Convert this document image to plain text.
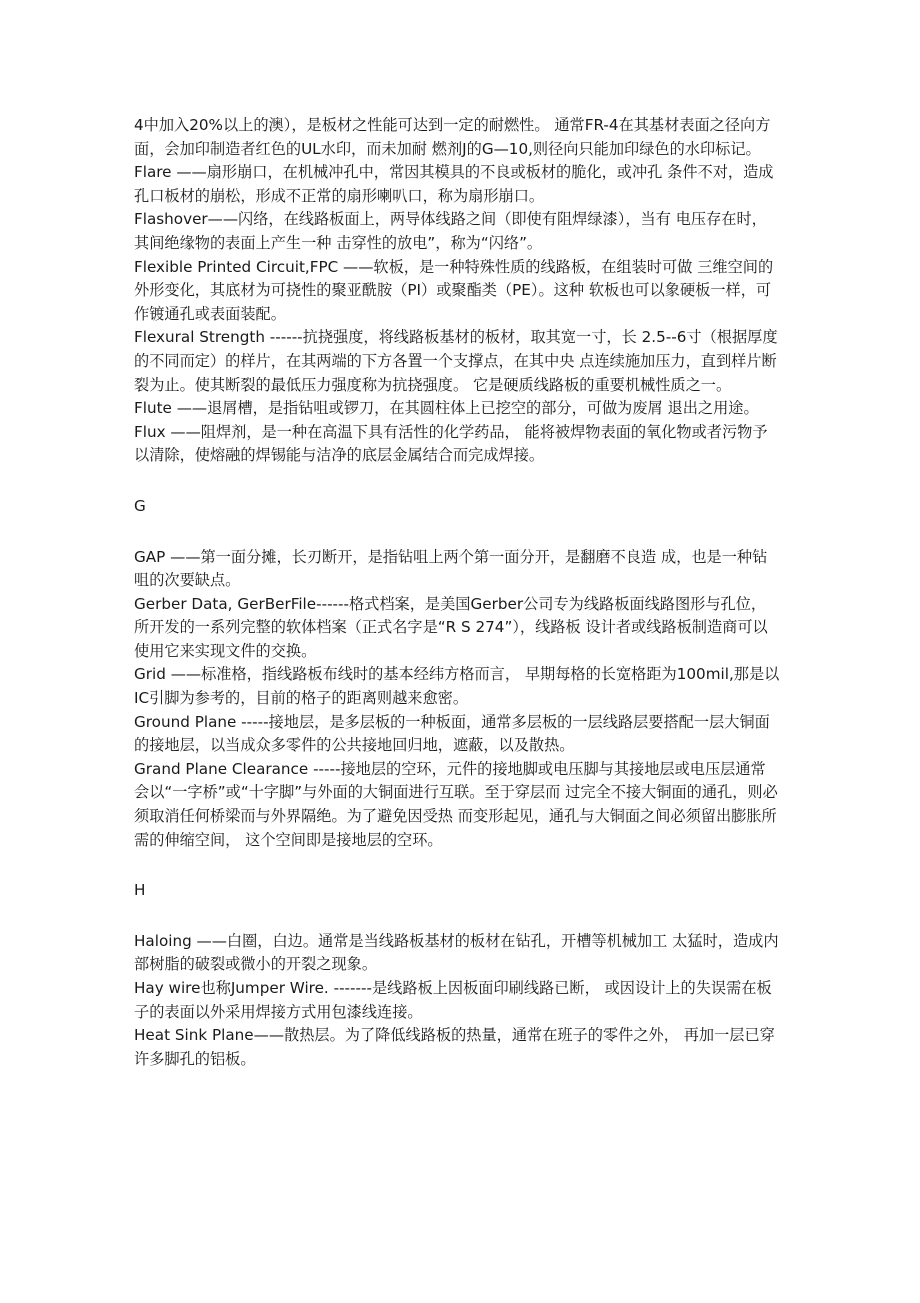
4中加入20%以上的澳），是板材之性能可达到一定的耐燃性。 通常FR-4在其基材表面之径向方面，会加印制造者红色的UL水印，而未加耐 燃剂J的G—10,则径向只能加印绿色的水印标记。

Flare ——扇形崩口，在机械冲孔中，常因其模具的不良或板材的脆化，或冲孔 条件不对，造成孔口板材的崩松，形成不正常的扇形喇叭口，称为扇形崩口。

Flashover——闪络，在线路板面上，两导体线路之间（即使有阻焊绿漆），当有 电压存在时，其间绝缘物的表面上产生一种 击穿性的放电”，称为“闪络”。

Flexible Printed Circuit,FPC ——软板，是一种特殊性质的线路板，在组装时可做 三维空间的外形变化，其底材为可挠性的聚亚酰胺（PI）或聚酯类（PE）。这种 软板也可以象硬板一样，可作镀通孔或表面装配。

Flexural Strength ------抗挠强度，将线路板基材的板材，取其宽一寸，长 2.5--6寸（根据厚度的不同而定）的样片，在其两端的下方各置一个支撑点，在其中央 点连续施加压力，直到样片断裂为止。使其断裂的最低压力强度称为抗挠强度。 它是硬质线路板的重要机械性质之一。

Flute ——退屑槽，是指钻咀或锣刀，在其圆柱体上已挖空的部分，可做为废屑 退出之用途。

Flux ——阻焊剂，是一种在高温下具有活性的化学药品， 能将被焊物表面的氧化物或者污物予以清除，使熔融的焊锡能与洁净的底层金属结合而完成焊接。

G

GAP ——第一面分摊，长刃断开，是指钻咀上两个第一面分开，是翻磨不良造 成，也是一种钻咀的次要缺点。

Gerber Data, GerBerFile------格式档案，是美国Gerber公司专为线路板面线路图形与孔位，所开发的一系列完整的软体档案（正式名字是“R S 274”），线路板 设计者或线路板制造商可以使用它来实现文件的交换。

Grid ——标准格，指线路板布线时的基本经纬方格而言， 早期每格的长宽格距为100mil,那是以IC引脚为参考的，目前的格子的距离则越来愈密。

Ground Plane -----接地层，是多层板的一种板面，通常多层板的一层线路层要搭配一层大铜面的接地层，以当成众多零件的公共接地回归地，遮蔽，以及散热。

Grand Plane Clearance -----接地层的空环，元件的接地脚或电压脚与其接地层或电压层通常会以“一字桥”或“十字脚”与外面的大铜面进行互联。至于穿层而 过完全不接大铜面的通孔，则必须取消任何桥梁而与外界隔绝。为了避免因受热 而变形起见，通孔与大铜面之间必须留出膨胀所需的伸缩空间， 这个空间即是接地层的空环。

H

Haloing ——白圈，白边。通常是当线路板基材的板材在钻孔，开槽等机械加工 太猛时，造成内部树脂的破裂或微小的开裂之现象。

Hay wire也称Jumper Wire. -------是线路板上因板面印刷线路已断， 或因设计上的失误需在板子的表面以外采用焊接方式用包漆线连接。

Heat Sink Plane——散热层。为了降低线路板的热量，通常在班子的零件之外， 再加一层已穿许多脚孔的铝板。
